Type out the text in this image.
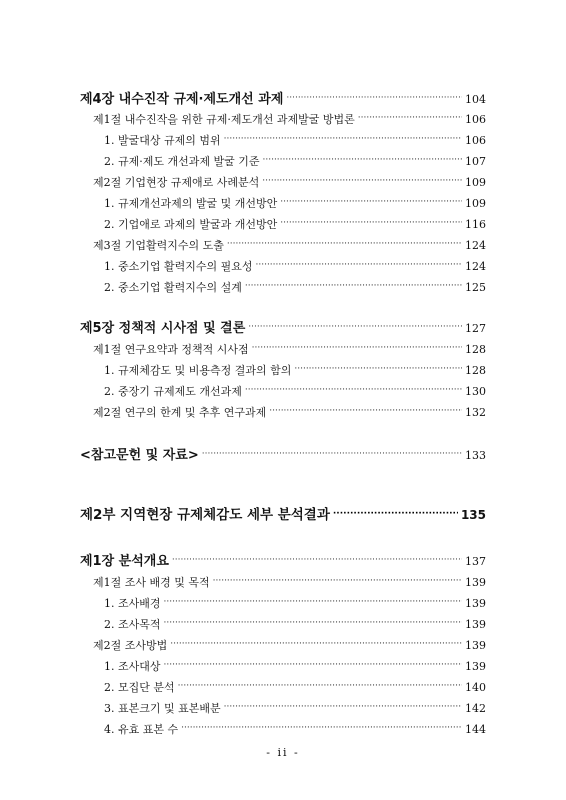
제4장 내수진작 규제·제도개선 과제 ·····	104
제1절 내수진작을 위한 규제·제도개선 과제발굴 방법론 ·····	106
1. 발굴대상 규제의 범위 ·····	106
2. 규제·제도 개선과제 발굴 기준 ·····	107
제2절 기업현장 규제애로 사례분석 ·····	109
1. 규제개선과제의 발굴 및 개선방안 ·····	109
2. 기업애로 과제의 발굴과 개선방안 ·····	116
제3절 기업활력지수의 도출 ·····	124
1. 중소기업 활력지수의 필요성 ·····	124
2. 중소기업 활력지수의 설계 ·····	125
제5장 정책적 시사점 및 결론 ·····	127
제1절 연구요약과 정책적 시사점 ·····	128
1. 규제체감도 및 비용측정 결과의 함의 ·····	128
2. 중장기 규제제도 개선과제 ·····	130
제2절 연구의 한계 및 추후 연구과제 ·····	132
<참고문헌 및 자료> ·····	133
제2부 지역현장 규제체감도 세부 분석결과 ·····	135
제1장 분석개요 ·····	137
제1절 조사 배경 및 목적 ·····	139
1. 조사배경 ·····	139
2. 조사목적 ·····	139
제2절 조사방법 ·····	139
1. 조사대상 ·····	139
2. 모집단 분석 ·····	140
3. 표본크기 및 표본배분 ·····	142
4. 유효 표본 수 ·····	144
- ii -
